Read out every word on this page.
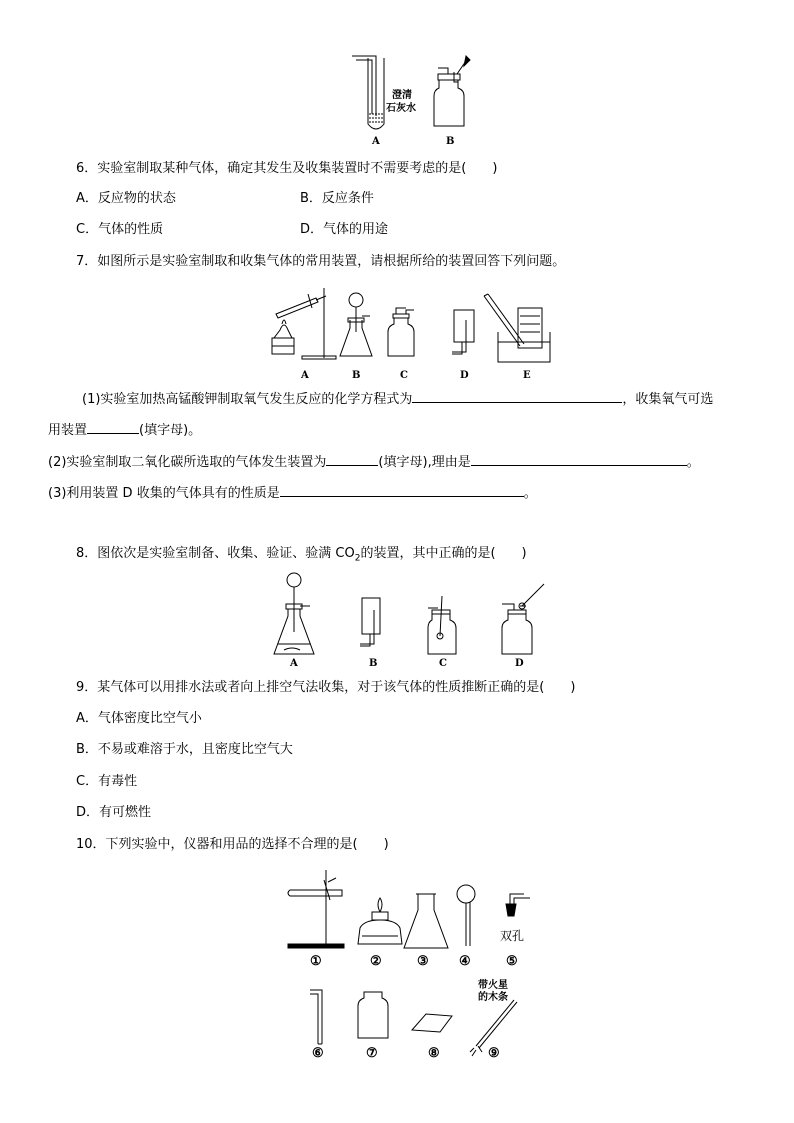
A	B
澄清
石灰水
6．实验室制取某种气体，确定其发生及收集装置时不需要考虑的是(　　)
A．反应物的状态	B．反应条件
C．气体的性质	D．气体的用途
7．如图所示是实验室制取和收集气体的常用装置，请根据所给的装置回答下列问题。
A	B	C	D	E
(1)实验室加热高锰酸钾制取氧气发生反应的化学方程式为	，收集氧气可选
用装置	(填字母)。
(2)实验室制取二氧化碳所选取的气体发生装置为	(填字母),理由是	。
(3)利用装置 D 收集的气体具有的性质是	。
8．图依次是实验室制备、收集、验证、验满 $CO_2$的装置，其中正确的是(　　)
A	B	C	D
9．某气体可以用排水法或者向上排空气法收集，对于该气体的性质推断正确的是(　　)
A．气体密度比空气小
B．不易或难溶于水，且密度比空气大
C．有毒性
D．有可燃性
10．下列实验中，仪器和用品的选择不合理的是(　　)
双孔
①	②	③ ④	⑤
带火星
的木条
⑥	⑦	⑧	⑨
